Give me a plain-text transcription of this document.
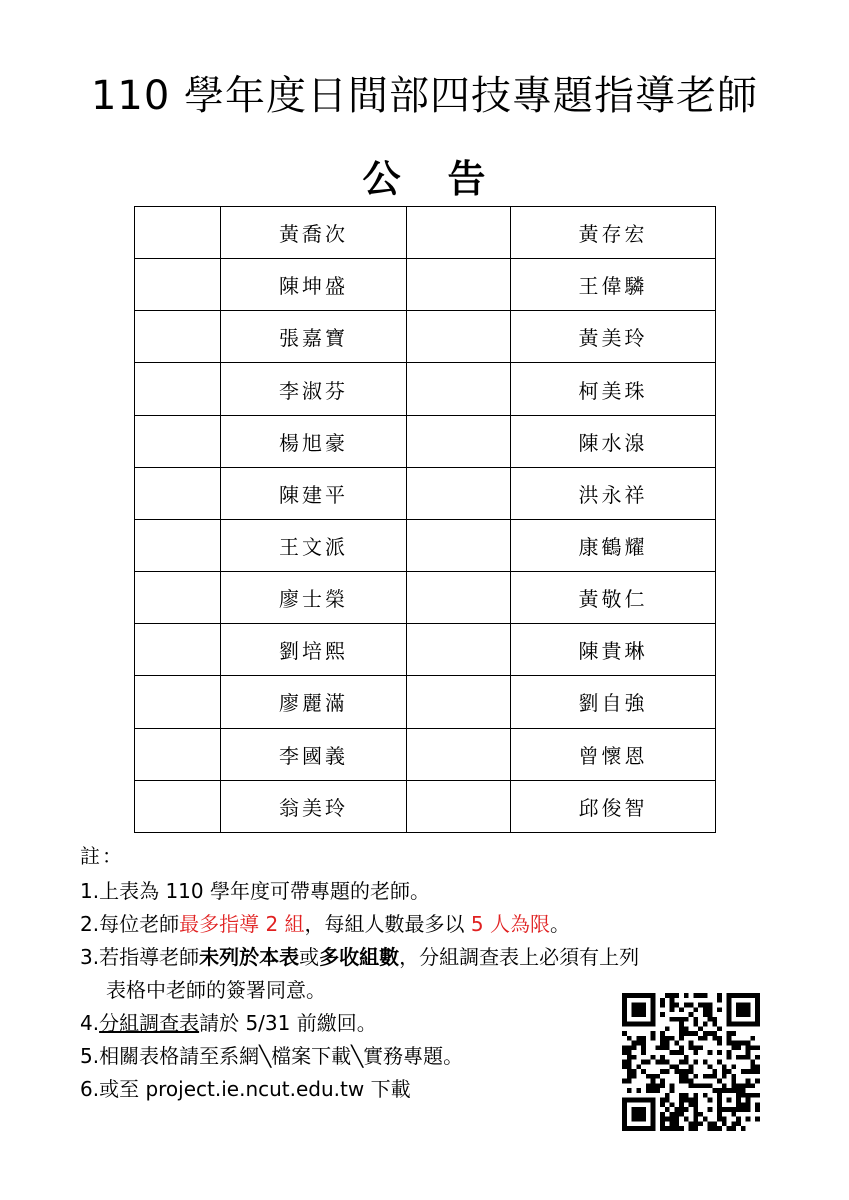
110 學年度日間部四技專題指導老師
公 告
	黃喬次		黃存宏
	陳坤盛		王偉驎
	張嘉寶		黃美玲
	李淑芬		柯美珠
	楊旭豪		陳水湶
	陳建平		洪永祥
	王文派		康鶴耀
	廖士榮		黃敬仁
	劉培熙		陳貴琳
	廖麗滿		劉自強
	李國義		曾懷恩
	翁美玲		邱俊智
註：
1.上表為 110 學年度可帶專題的老師。
2.每位老師最多指導 2 組，每組人數最多以 5 人為限。
3.若指導老師未列於本表或多收組數，分組調查表上必須有上列
表格中老師的簽署同意。
4.分組調查表請於 5/31 前繳回。
5.相關表格請至系網╲檔案下載╲實務專題。
6.或至 project.ie.ncut.edu.tw 下載
